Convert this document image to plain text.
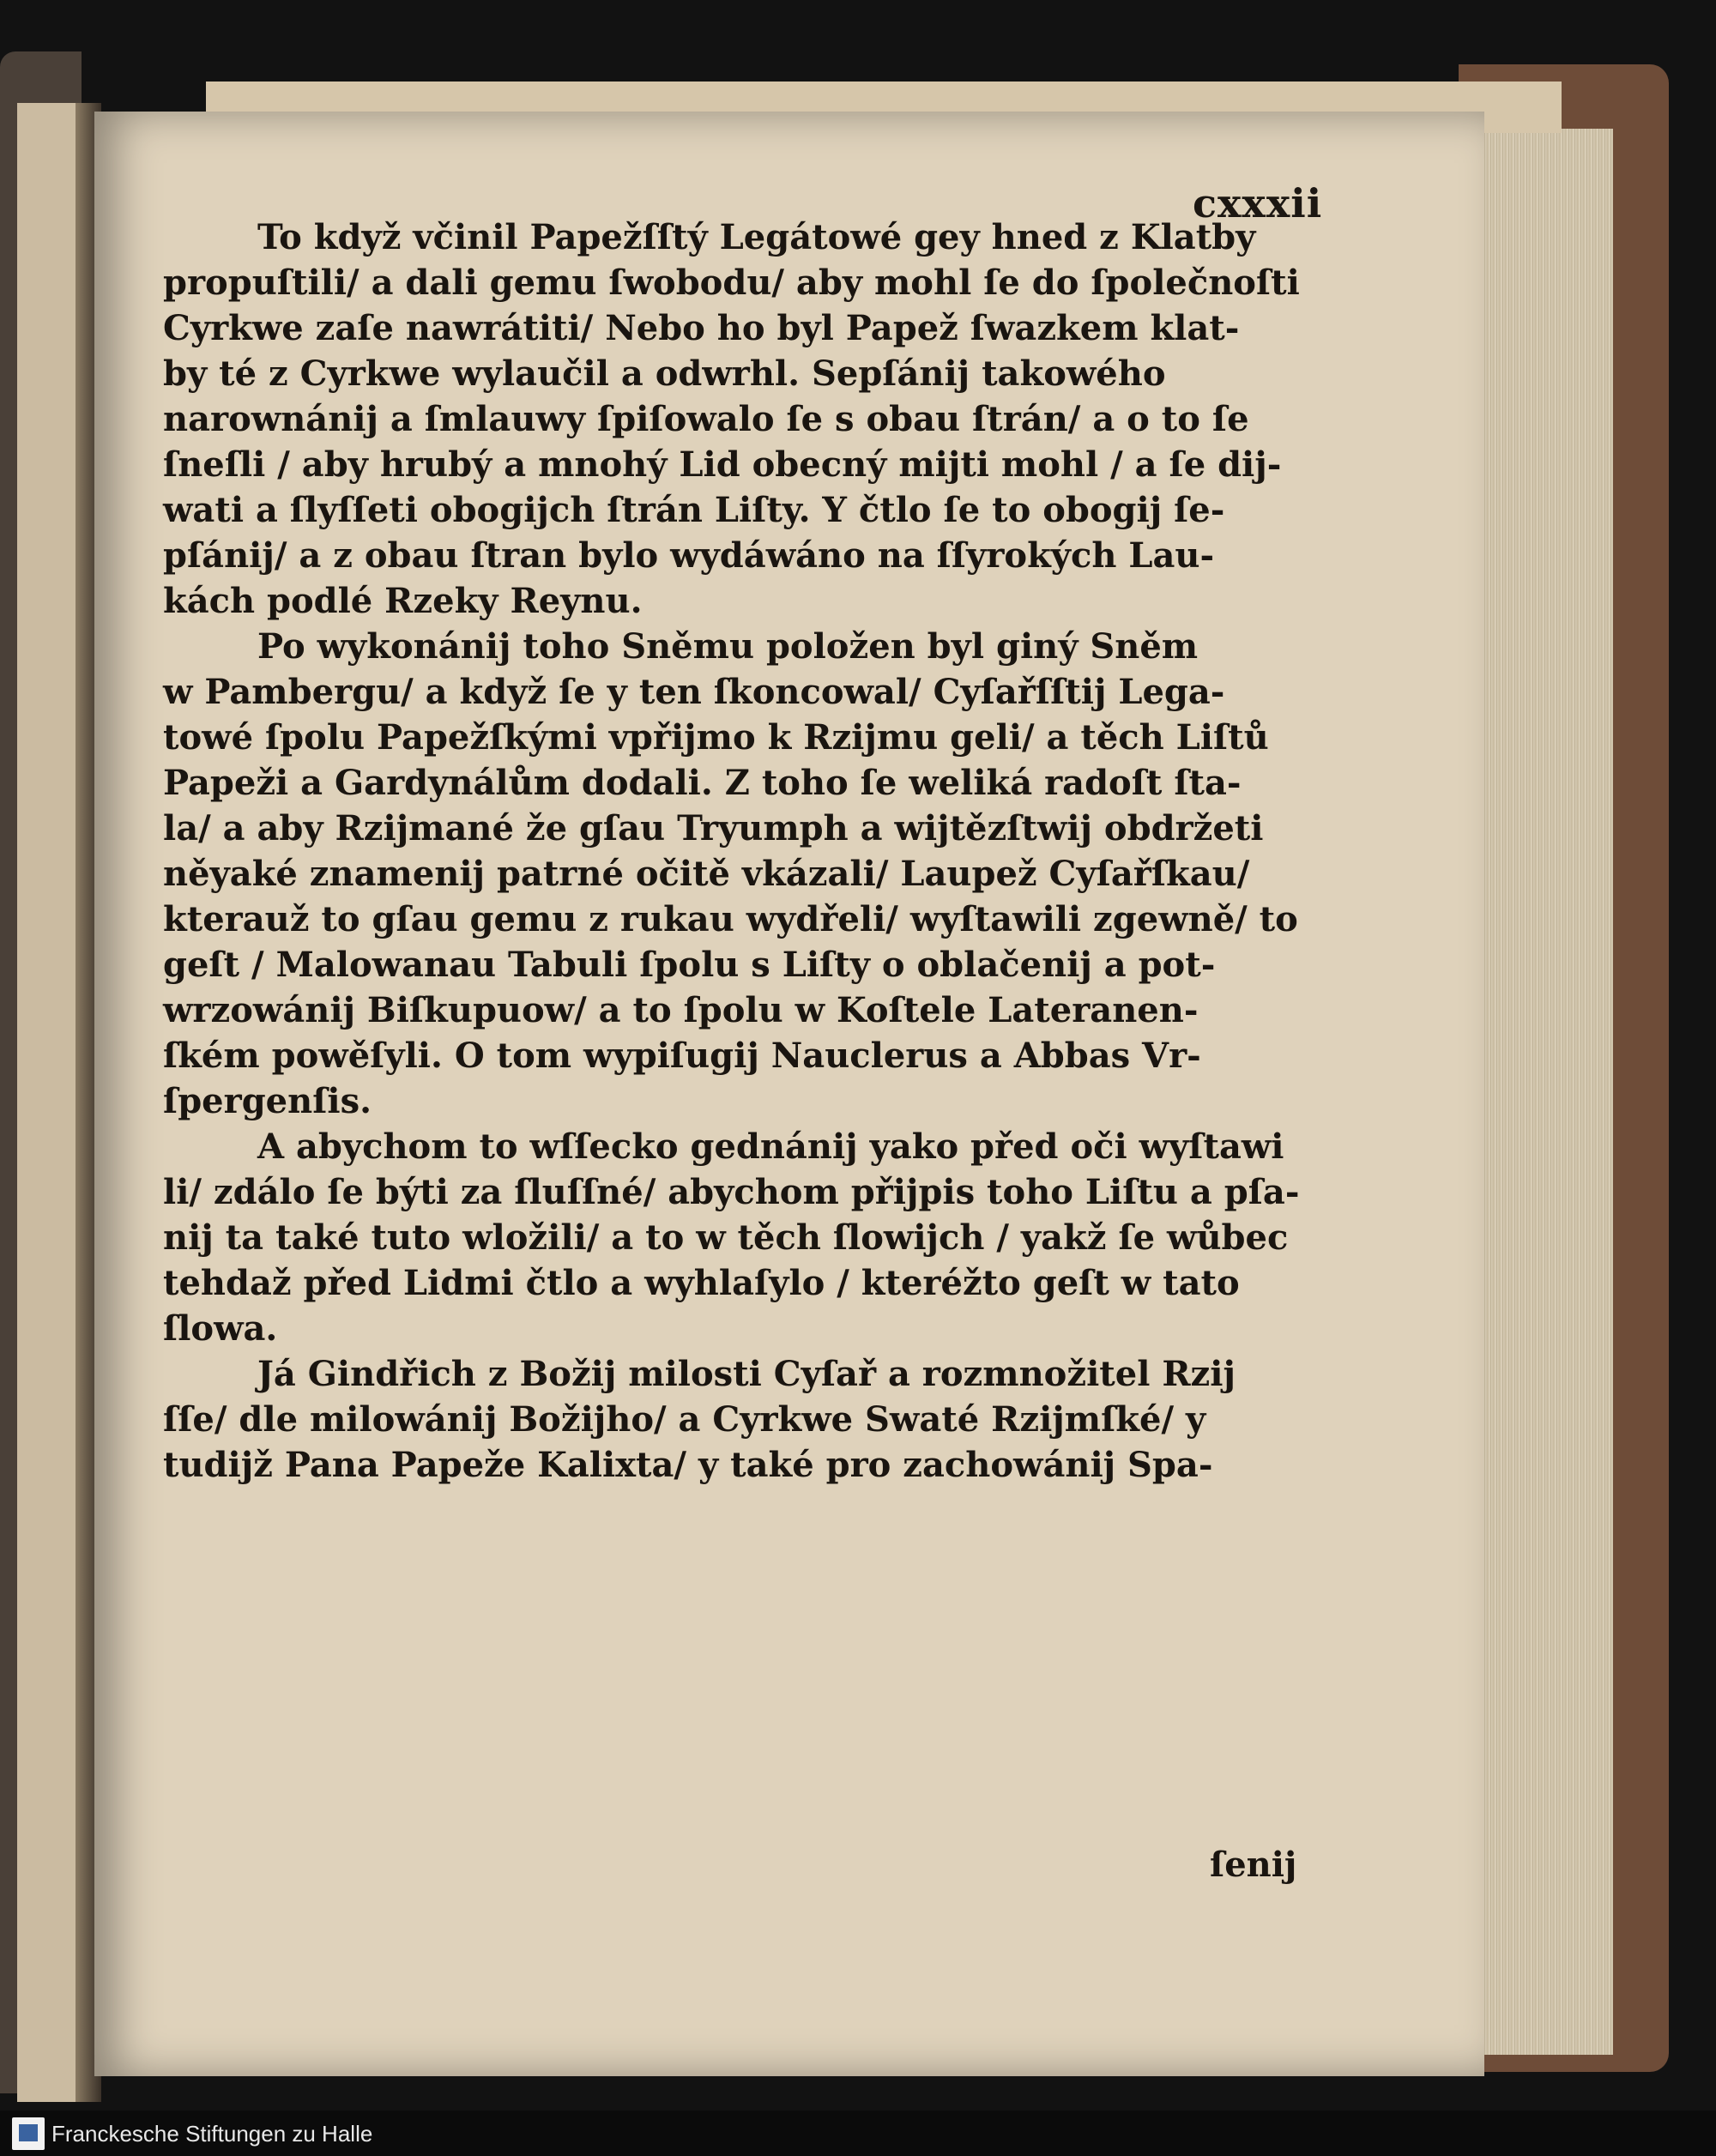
cxxxii
To když včinil Papežſſtý Legátowé gey hned z Klatby
propuſtili/ a dali gemu ſwobodu/ aby mohl ſe do ſpolečnoſti
Cyrkwe zaſe nawrátiti/ Nebo ho byl Papež ſwazkem klat-
by té z Cyrkwe wylaučil a odwrhl. Sepſánij takowého
narownánij a ſmlauwy ſpiſowalo ſe s obau ſtrán/ a o to ſe
ſneſli / aby hrubý a mnohý Lid obecný mijti mohl / a ſe dij-
wati a ſlyſſeti obogijch ſtrán Liſty. Y čtlo ſe to obogij ſe-
pſánij/ a z obau ſtran bylo wydáwáno na ſſyrokých Lau-
kách podlé Rzeky Reynu.
Po wykonánij toho Sněmu položen byl giný Sněm
w Pambergu/ a když ſe y ten ſkoncowal/ Cyſařſſtij Lega-
towé ſpolu Papežſkými vpřijmo k Rzijmu geli/ a těch Liſtů
Papeži a Gardynálům dodali. Z toho ſe weliká radoſt ſta-
la/ a aby Rzijmané že gſau Tryumph a wijtězſtwij obdržeti
něyaké znamenij patrné očitě vkázali/ Laupež Cyſařſkau/
kterauž to gſau gemu z rukau wydřeli/ wyſtawili zgewně/ to
geſt / Malowanau Tabuli ſpolu s Liſty o oblačenij a pot-
wrzowánij Biſkupuow/ a to ſpolu w Koſtele Lateranen-
ſkém powěſyli. O tom wypiſugij Nauclerus a Abbas Vr-
ſpergenſis.
A abychom to wſſecko gednánij yako před oči wyſtawi
li/ zdálo ſe býti za ſluſſné/ abychom přijpis toho Liſtu a pſa-
nij ta také tuto wložili/ a to w těch ſlowijch / yakž ſe wůbec
tehdaž před Lidmi čtlo a wyhlaſylo / kteréžto geſt w tato
ſlowa.
Já Gindřich z Božij milosti Cyſař a rozmnožitel Rzij
ſſe/ dle milowánij Božijho/ a Cyrkwe Swaté Rzijmſké/ y
tudijž Pana Papeže Kalixta/ y také pro zachowánij Spa-
ſenij
Franckesche Stiftungen zu Halle
